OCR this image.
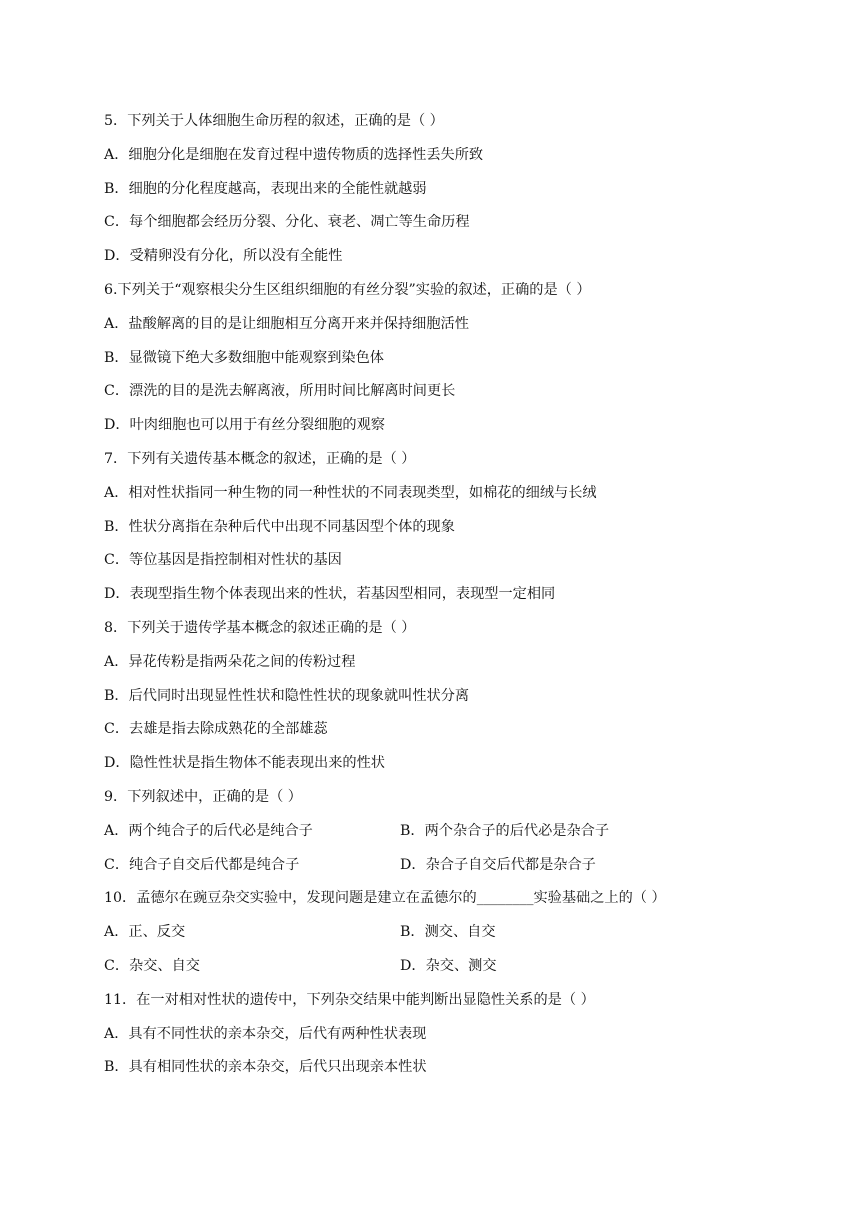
5．下列关于人体细胞生命历程的叙述，正确的是（ ）
A．细胞分化是细胞在发育过程中遗传物质的选择性丢失所致
B．细胞的分化程度越高，表现出来的全能性就越弱
C．每个细胞都会经历分裂、分化、衰老、凋亡等生命历程
D．受精卵没有分化，所以没有全能性
6.下列关于“观察根尖分生区组织细胞的有丝分裂”实验的叙述，正确的是（ ）
A．盐酸解离的目的是让细胞相互分离开来并保持细胞活性
B．显微镜下绝大多数细胞中能观察到染色体
C．漂洗的目的是洗去解离液，所用时间比解离时间更长
D．叶肉细胞也可以用于有丝分裂细胞的观察
7．下列有关遗传基本概念的叙述，正确的是（ ）
A．相对性状指同一种生物的同一种性状的不同表现类型，如棉花的细绒与长绒
B．性状分离指在杂种后代中出现不同基因型个体的现象
C．等位基因是指控制相对性状的基因
D．表现型指生物个体表现出来的性状，若基因型相同，表现型一定相同
8．下列关于遗传学基本概念的叙述正确的是（ ）
A．异花传粉是指两朵花之间的传粉过程
B．后代同时出现显性性状和隐性性状的现象就叫性状分离
C．去雄是指去除成熟花的全部雄蕊
D．隐性性状是指生物体不能表现出来的性状
9．下列叙述中，正确的是（ ）
A．两个纯合子的后代必是纯合子	B．两个杂合子的后代必是杂合子
C．纯合子自交后代都是纯合子	D．杂合子自交后代都是杂合子
10．孟德尔在豌豆杂交实验中，发现问题是建立在孟德尔的________实验基础之上的（ ）
A．正、反交	B．测交、自交
C．杂交、自交	D．杂交、测交
11．在一对相对性状的遗传中，下列杂交结果中能判断出显隐性关系的是（ ）
A．具有不同性状的亲本杂交，后代有两种性状表现
B．具有相同性状的亲本杂交，后代只出现亲本性状
